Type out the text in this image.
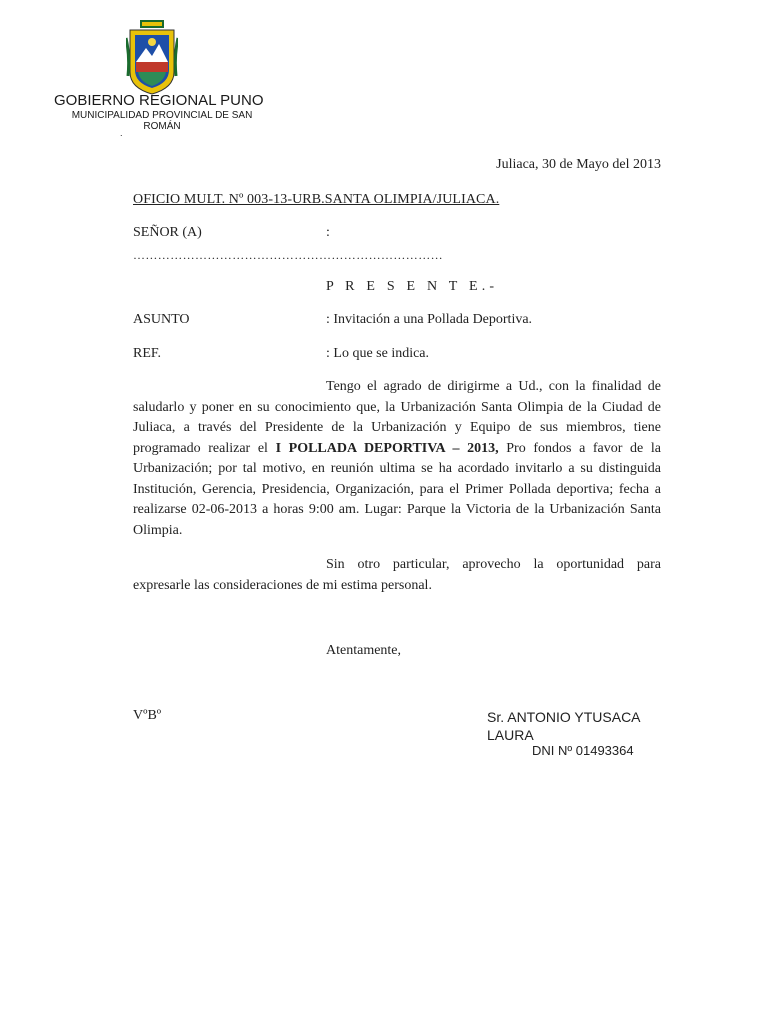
GOBIERNO REGIONAL PUNO
MUNICIPALIDAD PROVINCIAL DE SAN ROMÁN
.
Juliaca, 30 de Mayo del 2013
OFICIO MULT. Nº 003-13-URB.SANTA OLIMPIA/JULIACA.
SEÑOR (A)	:
…………………………………………………………………
P R E S E N T E.-
ASUNTO	: Invitación a una Pollada Deportiva.
REF.	: Lo que se indica.
Tengo el agrado de dirigirme a Ud., con la finalidad de saludarlo y poner en su conocimiento que, la Urbanización Santa Olimpia de la Ciudad de Juliaca, a través del Presidente de la Urbanización y Equipo de sus miembros, tiene programado realizar el I POLLADA DEPORTIVA – 2013, Pro fondos a favor de la Urbanización; por tal motivo, en reunión ultima se ha acordado invitarlo a su distinguida Institución, Gerencia, Presidencia, Organización, para el Primer Pollada deportiva; fecha a realizarse 02-06-2013 a horas 9:00 am. Lugar: Parque la Victoria de la Urbanización Santa Olimpia.
Sin otro particular, aprovecho la oportunidad para expresarle las consideraciones de mi estima personal.
Atentamente,
VºBº	Sr. ANTONIO YTUSACA LAURA
DNI Nº 01493364
